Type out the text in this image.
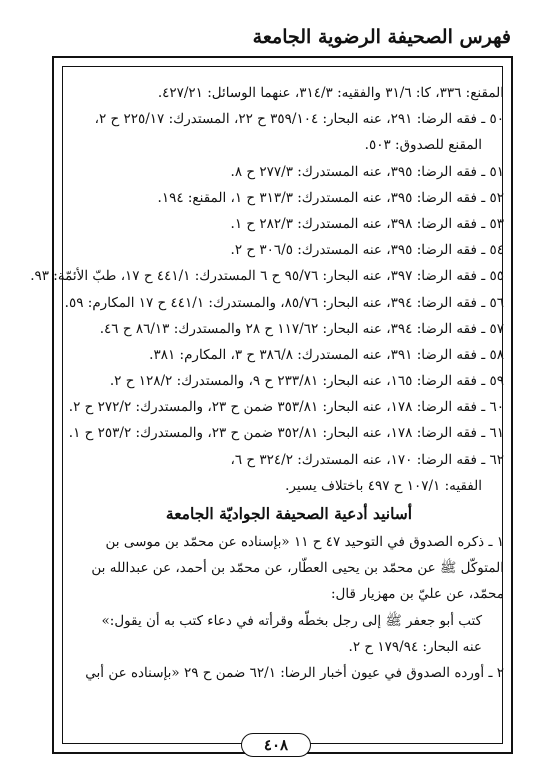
فهرس الصحيفة الرضوية الجامعة
المقنع: ٣٣٦، كا: ٣١/٦ والفقيه: ٣١٤/٣، عنهما الوسائل: ٤٢٧/٢١.
٥٠ ـ فقه الرضا: ٢٩١، عنه البحار: ٣٥٩/١٠٤ ح ٢٢، المستدرك: ٢٢٥/١٧ ح ٢،
المقنع للصدوق: ٥٠٣.
٥١ ـ فقه الرضا: ٣٩٥، عنه المستدرك: ٢٧٧/٣ ح ٨.
٥٢ ـ فقه الرضا: ٣٩٥، عنه المستدرك: ٣١٣/٣ ح ١، المقنع: ١٩٤.
٥٣ ـ فقه الرضا: ٣٩٨، عنه المستدرك: ٢٨٢/٣ ح ١.
٥٤ ـ فقه الرضا: ٣٩٥، عنه المستدرك: ٣٠٦/٥ ح ٢.
٥٥ ـ فقه الرضا: ٣٩٧، عنه البحار: ٩٥/٧٦ ح ٦ المستدرك: ٤٤١/١ ح ١٧، طبّ الأئمّة: ٩٣.
٥٦ ـ فقه الرضا: ٣٩٤، عنه البحار: ٨٥/٧٦، والمستدرك: ٤٤١/١ ح ١٧ المكارم: ٥٩.
٥٧ ـ فقه الرضا: ٣٩٤، عنه البحار: ١١٧/٦٢ ح ٢٨ والمستدرك: ٨٦/١٣ ح ٤٦.
٥٨ ـ فقه الرضا: ٣٩١، عنه المستدرك: ٣٨٦/٨ ح ٣، المكارم: ٣٨١.
٥٩ ـ فقه الرضا: ١٦٥، عنه البحار: ٢٣٣/٨١ ح ٩، والمستدرك: ١٢٨/٢ ح ٢.
٦٠ ـ فقه الرضا: ١٧٨، عنه البحار: ٣٥٣/٨١ ضمن ح ٢٣، والمستدرك: ٢٧٢/٢ ح ٢.
٦١ ـ فقه الرضا: ١٧٨، عنه البحار: ٣٥٢/٨١ ضمن ح ٢٣، والمستدرك: ٢٥٣/٢ ح ١.
٦٢ ـ فقه الرضا: ١٧٠، عنه المستدرك: ٣٢٤/٢ ح ٦،
الفقيه: ١٠٧/١ ح ٤٩٧ باختلاف يسير.
أسانيد أدعية الصحيفة الجواديّة الجامعة
١ ـ ذكره الصدوق في التوحيد ٤٧ ح ١١ «بإسناده عن محمّد بن موسى بن
المتوكّل ﷺ عن محمّد بن يحيى العطّار، عن محمّد بن أحمد، عن عبدالله بن
محمّد، عن عليّ بن مهزيار قال:
كتب أبو جعفر ﷺ إلى رجل بخطّه وقرأته في دعاء كتب به أن يقول:»
عنه البحار: ١٧٩/٩٤ ح ٢.
٢ ـ أورده الصدوق في عيون أخبار الرضا: ٦٢/١ ضمن ح ٢٩ «بإسناده عن أبي
٤٠٨
